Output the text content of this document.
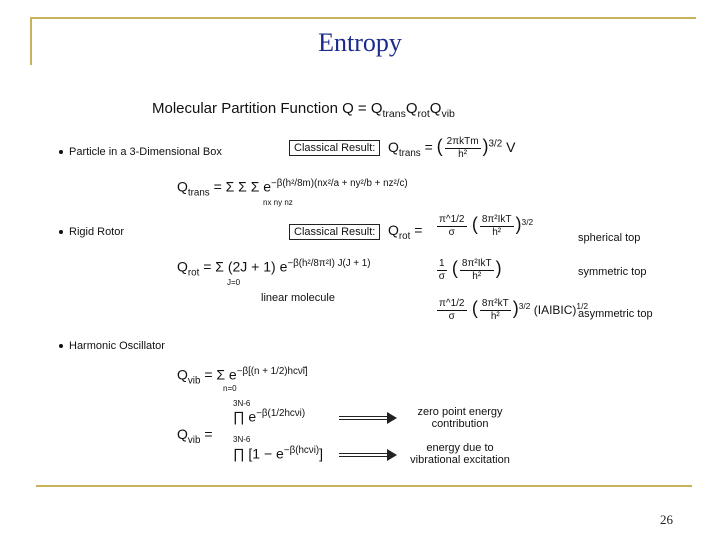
Entropy
Molecular Partition Function $Q = Q_{trans}Q_{rot}Q_{vib}$
Particle in a 3-Dimensional Box	Classical Result: $Q_{trans}$ = ( $\frac{\text{2πkTm}}{\text{h²}} )^{3/2}$ V
$Q_{trans} = \Sigma$ Σ Σ $e^{-\beta(h^2/8m)(nx^2/a + ny^2/b + nz^2/c)}$
nx ny nz
Rigid Rotor	Classical Result: $Q_{rot} = \frac{\pi\^{}1/2}{\sigma}$ ( $\frac{\text{8π²IkT}}{\text{h²}} )^{3/2}$
spherical top
$Q_{rot} = \Sigma$ (2J + 1) $e^{-\beta(h^2/8\pi^2I) J(J + 1)}$
J=0	$\frac{1}{\sigma}$ ( $\frac{\text{8π²IkT}}{\text{h²}}$ )	symmetric top
linear molecule
$\frac{\pi\^{}1/2}{\sigma}$ ( $\frac{\text{8π²kT}}{\text{h²}} )^{3/2}$ (IAIBIC)$^{1/2}$
asymmetric top
Harmonic Oscillator
$Q_{vib} = \Sigma$ $e^{-\beta[(n + 1/2)hc\nũi]}$
n=0
$Q_{vib}$ =
3N-6
∏ $e^{-\beta(1/2hc\nu i)}$
3N-6
∏ $[1 - e^{-\beta(hc\nu i)}]$
zero point energy
contribution
energy due to
vibrational excitation
26
